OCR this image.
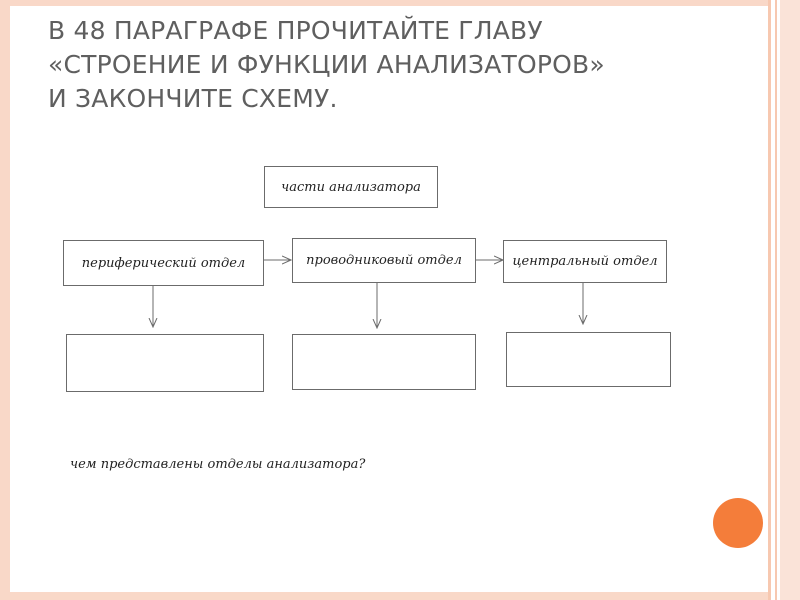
В 48 ПАРАГРАФЕ ПРОЧИТАЙТЕ ГЛАВУ
«СТРОЕНИЕ И ФУНКЦИИ АНАЛИЗАТОРОВ»
И ЗАКОНЧИТЕ СХЕМУ.
части анализатора
периферический отдел	проводниковый отдел	центральный отдел
чем представлены отделы анализатора?
